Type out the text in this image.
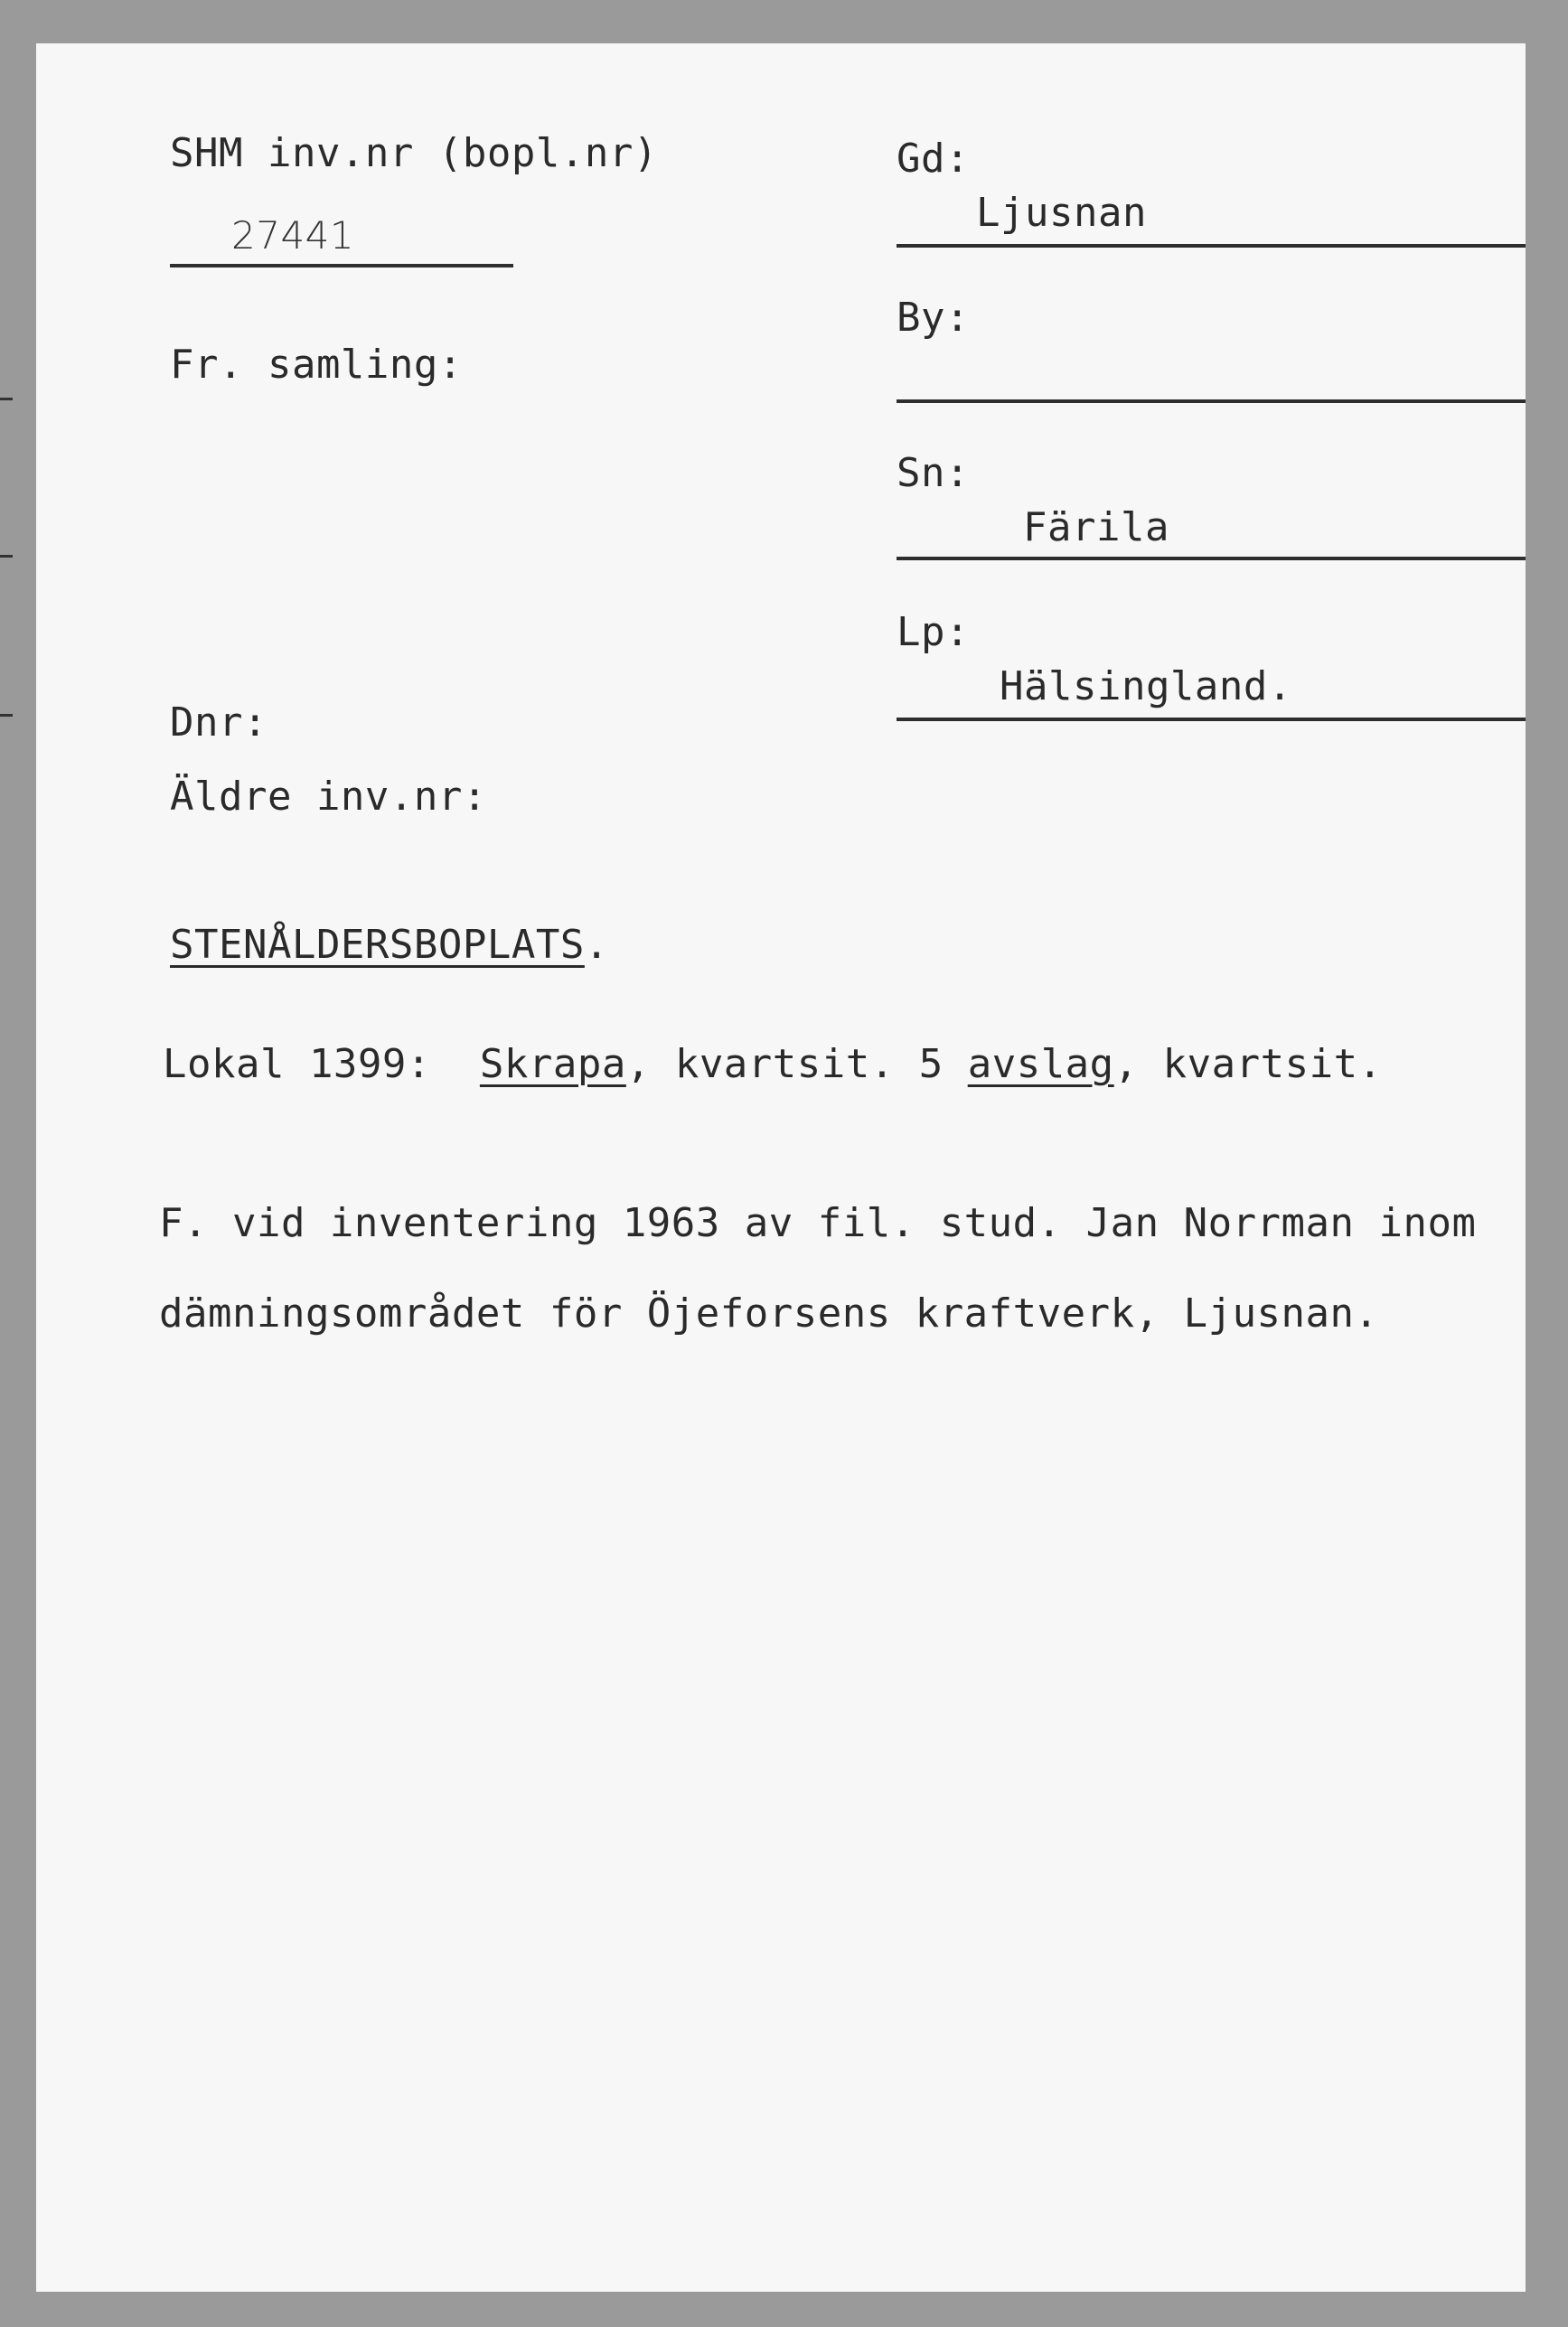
SHM inv.nr (bopl.nr)
27441
Fr. samling:
Dnr:
Äldre inv.nr:
Gd:
Ljusnan
By:
Sn:
Färila
Lp:
Hälsingland.
STENÅLDERSBOPLATS.
Lokal 1399: Skrapa, kvartsit. 5 avslag, kvartsit.
F. vid inventering 1963 av fil. stud. Jan Norrman inom
dämningsområdet för Öjeforsens kraftverk, Ljusnan.
